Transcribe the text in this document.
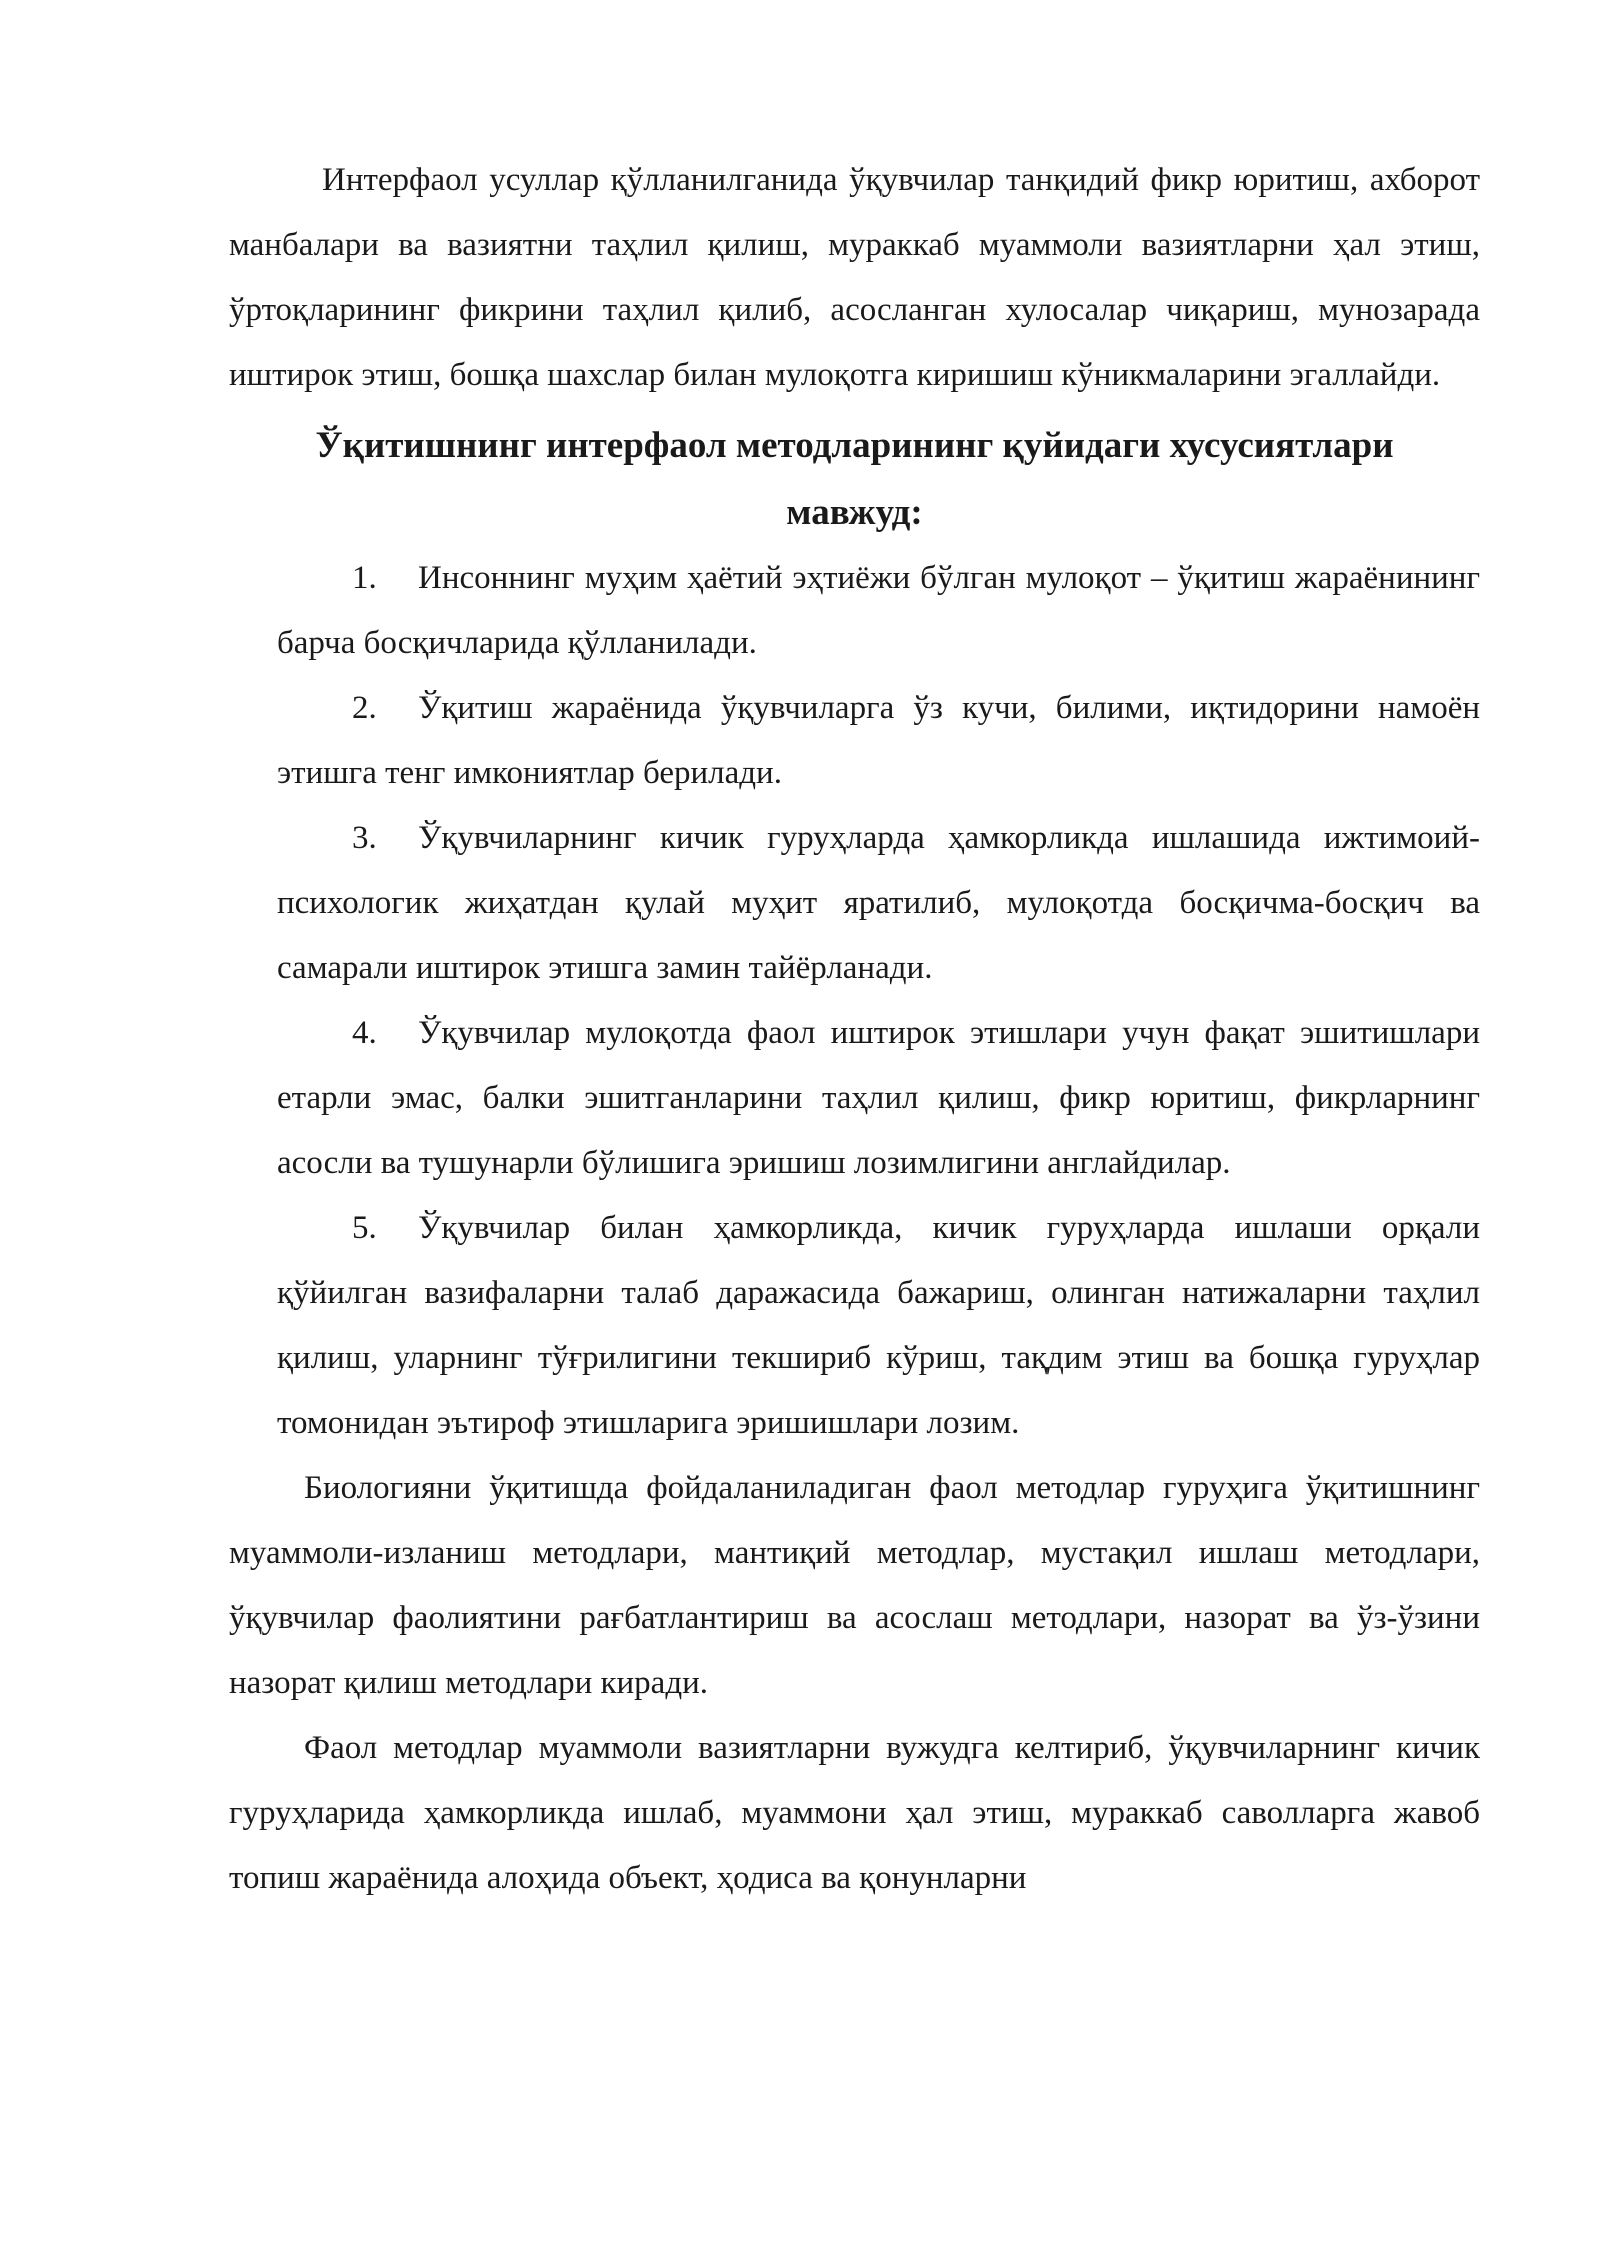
Интерфаол усуллар қўлланилганида ўқувчилар танқидий фикр юритиш, ахборот манбалари ва вазиятни таҳлил қилиш, мураккаб муаммоли вазиятларни ҳал этиш, ўртоқларининг фикрини таҳлил қилиб, асосланган хулосалар чиқариш, мунозарада иштирок этиш, бошқа шахслар билан мулоқотга киришиш кўникмаларини эгаллайди.

Ўқитишнинг интерфаол методларининг қуйидаги хусусиятлари мавжуд:
1. Инсоннинг муҳим ҳаётий эҳтиёжи бўлган мулоқот – ўқитиш жараёнининг барча босқичларида қўлланилади.
2. Ўқитиш жараёнида ўқувчиларга ўз кучи, билими, иқтидорини намоён этишга тенг имкониятлар берилади.
3. Ўқувчиларнинг кичик гуруҳларда ҳамкорликда ишлашида ижтимоий-психологик жиҳатдан қулай муҳит яратилиб, мулоқотда босқичма-босқич ва самарали иштирок этишга замин тайёрланади.
4. Ўқувчилар мулоқотда фаол иштирок этишлари учун фақат эшитишлари етарли эмас, балки эшитганларини таҳлил қилиш, фикр юритиш, фикрларнинг асосли ва тушунарли бўлишига эришиш лозимлигини англайдилар.
5. Ўқувчилар билан ҳамкорликда, кичик гуруҳларда ишлаши орқали қўйилган вазифаларни талаб даражасида бажариш, олинган натижаларни таҳлил қилиш, уларнинг тўғрилигини текшириб кўриш, тақдим этиш ва бошқа гуруҳлар томонидан эътироф этишларига эришишлари лозим.

Биологияни ўқитишда фойдаланиладиган фаол методлар гуруҳига ўқитишнинг муаммоли-изланиш методлари, мантиқий методлар, мустақил ишлаш методлари, ўқувчилар фаолиятини рағбатлантириш ва асослаш методлари, назорат ва ўз-ўзини назорат қилиш методлари киради.

Фаол методлар муаммоли вазиятларни вужудга келтириб, ўқувчиларнинг кичик гуруҳларида ҳамкорликда ишлаб, муаммони ҳал этиш, мураккаб саволларга жавоб топиш жараёнида алоҳида объект, ҳодиса ва қонунларни
